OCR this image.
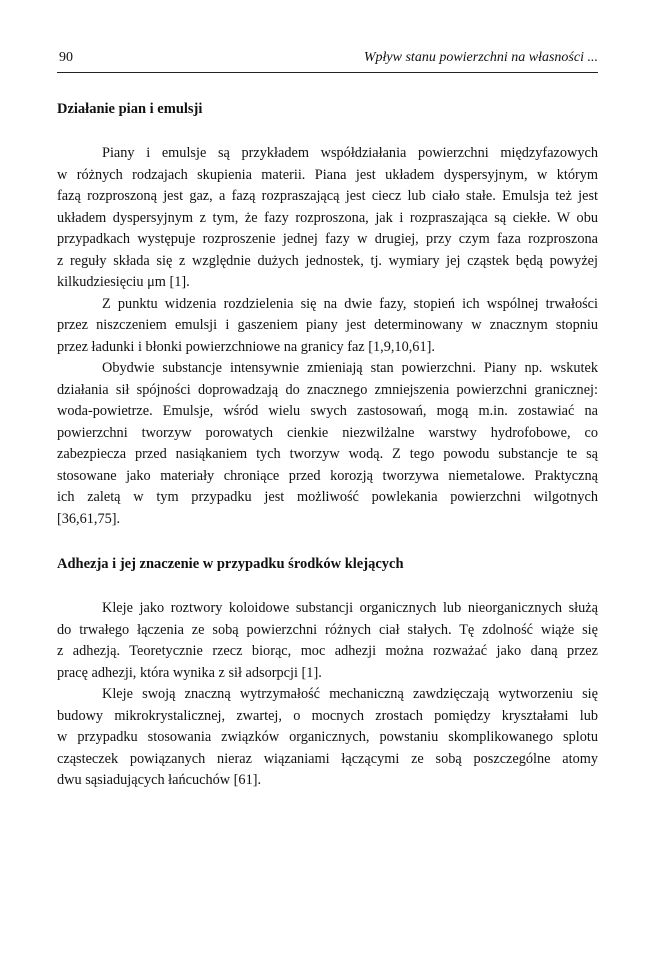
90	Wpływ stanu powierzchni na własności ...
Działanie pian i emulsji
Piany i emulsje są przykładem współdziałania powierzchni międzyfazowych
w różnych rodzajach skupienia materii. Piana jest układem dyspersyjnym, w którym
fazą rozproszoną jest gaz, a fazą rozpraszającą jest ciecz lub ciało stałe. Emulsja też jest
układem dyspersyjnym z tym, że fazy rozproszona, jak i rozpraszająca są ciekłe. W obu
przypadkach występuje rozproszenie jednej fazy w drugiej, przy czym faza rozproszona
z reguły składa się z względnie dużych jednostek, tj. wymiary jej cząstek będą powyżej
kilkudziesięciu μm [1].
Z punktu widzenia rozdzielenia się na dwie fazy, stopień ich wspólnej trwałości
przez niszczeniem emulsji i gaszeniem piany jest determinowany w znacznym stopniu
przez ładunki i błonki powierzchniowe na granicy faz [1,9,10,61].
Obydwie substancje intensywnie zmieniają stan powierzchni. Piany np. wskutek
działania sił spójności doprowadzają do znacznego zmniejszenia powierzchni granicznej:
woda-powietrze. Emulsje, wśród wielu swych zastosowań, mogą m.in. zostawiać na
powierzchni tworzyw porowatych cienkie niezwilżalne warstwy hydrofobowe, co
zabezpiecza przed nasiąkaniem tych tworzyw wodą. Z tego powodu substancje te są
stosowane jako materiały chroniące przed korozją tworzywa niemetalowe. Praktyczną
ich zaletą w tym przypadku jest możliwość powlekania powierzchni wilgotnych
[36,61,75].
Adhezja i jej znaczenie w przypadku środków klejących
Kleje jako roztwory koloidowe substancji organicznych lub nieorganicznych służą
do trwałego łączenia ze sobą powierzchni różnych ciał stałych. Tę zdolność wiąże się
z adhezją. Teoretycznie rzecz biorąc, moc adhezji można rozważać jako daną przez
pracę adhezji, która wynika z sił adsorpcji [1].
Kleje swoją znaczną wytrzymałość mechaniczną zawdzięczają wytworzeniu się
budowy mikrokrystalicznej, zwartej, o mocnych zrostach pomiędzy kryształami lub
w przypadku stosowania związków organicznych, powstaniu skomplikowanego splotu
cząsteczek powiązanych nieraz wiązaniami łączącymi ze sobą poszczególne atomy
dwu sąsiadujących łańcuchów [61].
